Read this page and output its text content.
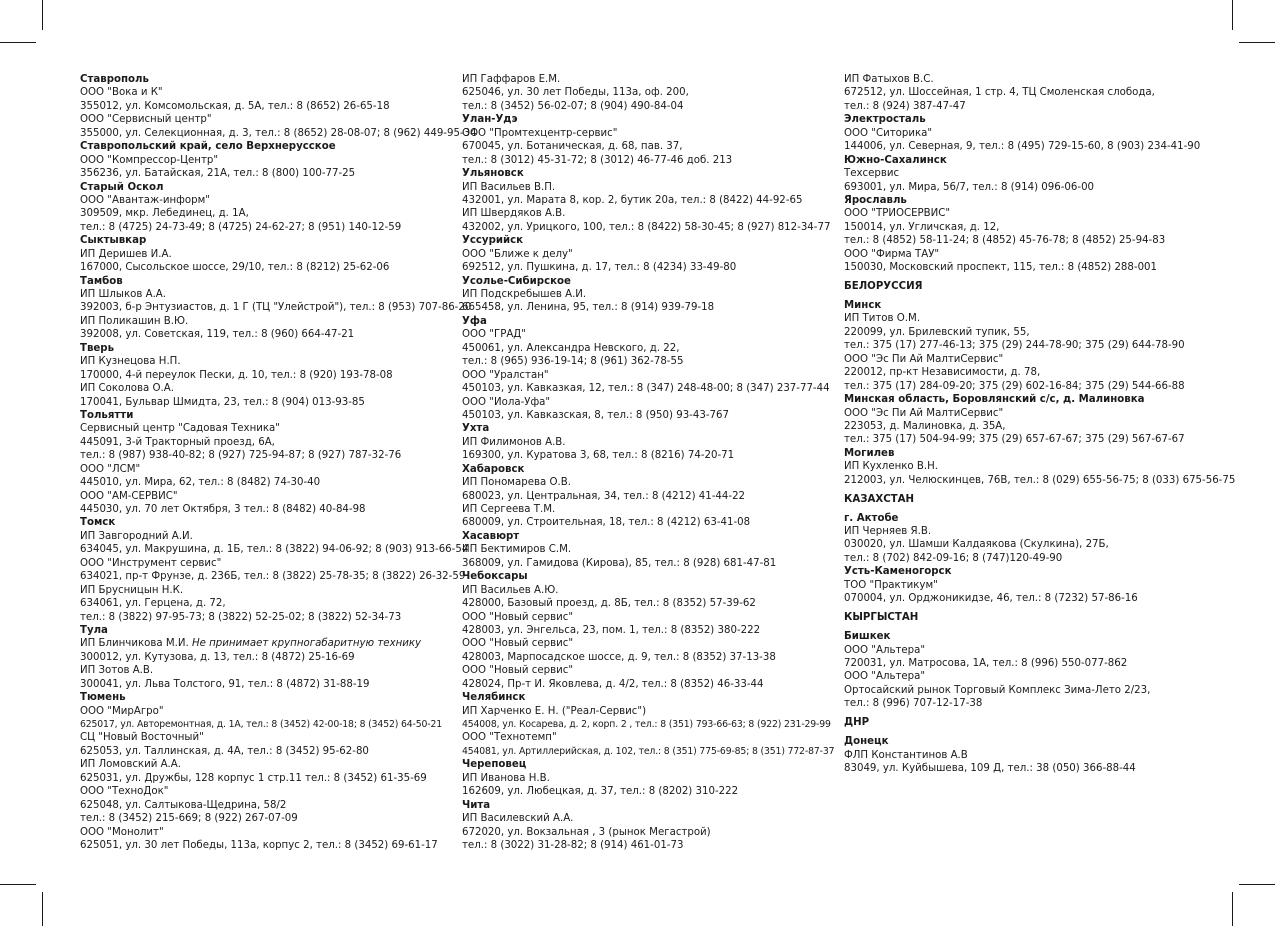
Ставрополь
ООО "Вока и К"
355012, ул. Комсомольская, д. 5А, тел.: 8 (8652) 26-65-18
ООО "Сервисный центр"
355000, ул. Селекционная, д. 3, тел.: 8 (8652) 28-08-07; 8 (962) 449-95-34
Ставропольский край, село Верхнерусское
ООО "Компрессор-Центр"
356236, ул. Батайская, 21А, тел.: 8 (800) 100-77-25
Старый Оскол
ООО "Авантаж-информ"
309509, мкр. Лебединец, д. 1А,
тел.: 8 (4725) 24-73-49; 8 (4725) 24-62-27; 8 (951) 140-12-59
Сыктывкар
ИП Деришев И.А.
167000, Сысольское шоссе, 29/10, тел.: 8 (8212) 25-62-06
Тамбов
ИП Шлыков А.А.
392003, б-р Энтузиастов, д. 1 Г (ТЦ "Улейстрой"), тел.: 8 (953) 707-86-20
ИП Поликашин В.Ю.
392008, ул. Советская, 119, тел.: 8 (960) 664-47-21
Тверь
ИП Кузнецова Н.П.
170000, 4-й переулок Пески, д. 10, тел.: 8 (920) 193-78-08
ИП Соколова О.А.
170041, Бульвар Шмидта, 23, тел.: 8 (904) 013-93-85
Тольятти
Сервисный центр "Садовая Техника"
445091, 3-й Тракторный проезд, 6А,
тел.: 8 (987) 938-40-82; 8 (927) 725-94-87; 8 (927) 787-32-76
ООО "ЛСМ"
445010, ул. Мира, 62, тел.: 8 (8482) 74-30-40
ООО "АМ-СЕРВИС"
445030, ул. 70 лет Октября, 3 тел.: 8 (8482) 40-84-98
Томск
ИП Завгородний А.И.
634045, ул. Макрушина, д. 1Б, тел.: 8 (3822) 94-06-92; 8 (903) 913-66-54
ООО "Инструмент сервис"
634021, пр-т Фрунзе, д. 236Б, тел.: 8 (3822) 25-78-35; 8 (3822) 26-32-59
ИП Брусницын Н.К.
634061, ул. Герцена, д. 72,
тел.: 8 (3822) 97-95-73; 8 (3822) 52-25-02; 8 (3822) 52-34-73
Тула
ИП Блинчикова М.И. Не принимает крупногабаритную технику
300012, ул. Кутузова, д. 13, тел.: 8 (4872) 25-16-69
ИП Зотов А.В.
300041, ул. Льва Толстого, 91, тел.: 8 (4872) 31-88-19
Тюмень
ООО "МирАгро"
625017, ул. Авторемонтная, д. 1А, тел.: 8 (3452) 42-00-18; 8 (3452) 64-50-21
СЦ "Новый Восточный"
625053, ул. Таллинская, д. 4А, тел.: 8 (3452) 95-62-80
ИП Ломовский А.А.
625031, ул. Дружбы, 128 корпус 1 стр.11 тел.: 8 (3452) 61-35-69
ООО "ТехноДок"
625048, ул. Салтыкова-Щедрина, 58/2
тел.: 8 (3452) 215-669; 8 (922) 267-07-09
ООО "Монолит"
625051, ул. 30 лет Победы, 113а, корпус 2, тел.: 8 (3452) 69-61-17
ИП Гаффаров Е.М.
625046, ул. 30 лет Победы, 113а, оф. 200,
тел.: 8 (3452) 56-02-07; 8 (904) 490-84-04
Улан-Удэ
ООО "Промтехцентр-сервис"
670045, ул. Ботаническая, д. 68, пав. 37,
тел.: 8 (3012) 45-31-72; 8 (3012) 46-77-46 доб. 213
Ульяновск
ИП Васильев В.П.
432001, ул. Марата 8, кор. 2, бутик 20а, тел.: 8 (8422) 44-92-65
ИП Швердяков А.В.
432002, ул. Урицкого, 100, тел.: 8 (8422) 58-30-45; 8 (927) 812-34-77
Уссурийск
ООО "Ближе к делу"
692512, ул. Пушкина, д. 17, тел.: 8 (4234) 33-49-80
Усолье-Сибирское
ИП Подскребышев А.И.
665458, ул. Ленина, 95, тел.: 8 (914) 939-79-18
Уфа
ООО "ГРАД"
450061, ул. Александра Невского, д. 22,
тел.: 8 (965) 936-19-14; 8 (961) 362-78-55
ООО "Уралстан"
450103, ул. Кавказкая, 12, тел.: 8 (347) 248-48-00; 8 (347) 237-77-44
ООО "Иола-Уфа"
450103, ул. Кавказская, 8, тел.: 8 (950) 93-43-767
Ухта
ИП Филимонов А.В.
169300, ул. Куратова 3, 68, тел.: 8 (8216) 74-20-71
Хабаровск
ИП Пономарева О.В.
680023, ул. Центральная, 34, тел.: 8 (4212) 41-44-22
ИП Сергеева Т.М.
680009, ул. Строительная, 18, тел.: 8 (4212) 63-41-08
Хасавюрт
ИП Бектимиров С.М.
368009, ул. Гамидова (Кирова), 85, тел.: 8 (928) 681-47-81
Чебоксары
ИП Васильев А.Ю.
428000, Базовый проезд, д. 8Б, тел.: 8 (8352) 57-39-62
ООО "Новый сервис"
428003, ул. Энгельса, 23, пом. 1, тел.: 8 (8352) 380-222
ООО "Новый сервис"
428003, Марпосадское шоссе, д. 9, тел.: 8 (8352) 37-13-38
ООО "Новый сервис"
428024, Пр-т И. Яковлева, д. 4/2, тел.: 8 (8352) 46-33-44
Челябинск
ИП Харченко Е. Н. ("Реал-Сервис")
454008, ул. Косарева, д. 2, корп. 2 , тел.: 8 (351) 793-66-63; 8 (922) 231-29-99
ООО "Технотемп"
454081, ул. Артиллерийская, д. 102, тел.: 8 (351) 775-69-85; 8 (351) 772-87-37
Череповец
ИП Иванова Н.В.
162609, ул. Любецкая, д. 37, тел.: 8 (8202) 310-222
Чита
ИП Василевский А.А.
672020, ул. Вокзальная , 3 (рынок Мегастрой)
тел.: 8 (3022) 31-28-82; 8 (914) 461-01-73
ИП Фатыхов В.С.
672512, ул. Шоссейная, 1 стр. 4, ТЦ Смоленская слобода,
тел.: 8 (924) 387-47-47
Электросталь
ООО "Ситорика"
144006, ул. Северная, 9, тел.: 8 (495) 729-15-60, 8 (903) 234-41-90
Южно-Сахалинск
Техсервис
693001, ул. Мира, 56/7, тел.: 8 (914) 096-06-00
Ярославль
ООО "ТРИОСЕРВИС"
150014, ул. Угличская, д. 12,
тел.: 8 (4852) 58-11-24; 8 (4852) 45-76-78; 8 (4852) 25-94-83
ООО "Фирма ТАУ"
150030, Московский проспект, 115, тел.: 8 (4852) 288-001
БЕЛОРУССИЯ
Минск
ИП Титов О.М.
220099, ул. Брилевский тупик, 55,
тел.: 375 (17) 277-46-13; 375 (29) 244-78-90; 375 (29) 644-78-90
ООО "Эс Пи Ай МалтиСервис"
220012, пр-кт Независимости, д. 78,
тел.: 375 (17) 284-09-20; 375 (29) 602-16-84; 375 (29) 544-66-88
Минская область, Боровлянский с/с, д. Малиновка
ООО "Эс Пи Ай МалтиСервис"
223053, д. Малиновка, д. 35А,
тел.: 375 (17) 504-94-99; 375 (29) 657-67-67; 375 (29) 567-67-67
Могилев
ИП Кухленко В.Н.
212003, ул. Челюскинцев, 76В, тел.: 8 (029) 655-56-75; 8 (033) 675-56-75
КАЗАХСТАН
г. Актобе
ИП Черняев Я.В.
030020, ул. Шамши Калдаякова (Скулкина), 27Б,
тел.: 8 (702) 842-09-16; 8 (747)120-49-90
Усть-Каменогорск
ТОО "Практикум"
070004, ул. Орджоникидзе, 46, тел.: 8 (7232) 57-86-16
КЫРГЫСТАН
Бишкек
ООО "Альтера"
720031, ул. Матросова, 1А, тел.: 8 (996) 550-077-862
ООО "Альтера"
Ортосайский рынок Торговый Комплекс Зима-Лето 2/23,
тел.: 8 (996) 707-12-17-38
ДНР
Донецк
ФЛП Константинов А.В
83049, ул. Куйбышева, 109 Д, тел.: 38 (050) 366-88-44
